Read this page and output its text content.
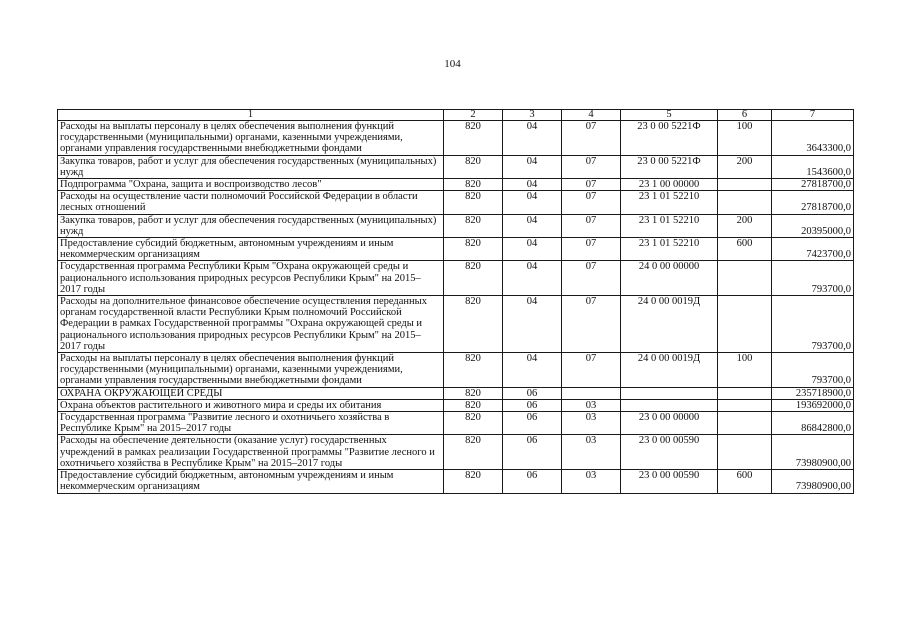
104
1	2	3	4	5	6	7
Расходы на выплаты персоналу в целях обеспечения выполнения функций государственными (муниципальными) органами, казенными учреждениями, органами управления государственными внебюджетными фондами	820	04	07	23 0 00 5221Ф	100	3643300,0
Закупка товаров, работ и услуг для обеспечения государственных (муниципальных) нужд	820	04	07	23 0 00 5221Ф	200	1543600,0
Подпрограмма "Охрана, защита и воспроизводство лесов"	820	04	07	23 1 00 00000		27818700,0
Расходы на осуществление части полномочий Российской Федерации в области лесных отношений	820	04	07	23 1 01 52210		27818700,0
Закупка товаров, работ и услуг для обеспечения государственных (муниципальных) нужд	820	04	07	23 1 01 52210	200	20395000,0
Предоставление субсидий бюджетным, автономным учреждениям и иным некоммерческим организациям	820	04	07	23 1 01 52210	600	7423700,0
Государственная программа Республики Крым "Охрана окружающей среды и рационального использования природных ресурсов Республики Крым" на 2015–2017 годы	820	04	07	24 0 00 00000		793700,0
Расходы на дополнительное финансовое обеспечение осуществления переданных органам государственной власти Республики Крым полномочий Российской Федерации в рамках Государственной программы "Охрана окружающей среды и рационального использования природных ресурсов Республики Крым" на 2015–2017 годы	820	04	07	24 0 00 0019Д		793700,0
Расходы на выплаты персоналу в целях обеспечения выполнения функций государственными (муниципальными) органами, казенными учреждениями, органами управления государственными внебюджетными фондами	820	04	07	24 0 00 0019Д	100	793700,0
ОХРАНА ОКРУЖАЮЩЕЙ СРЕДЫ	820	06				235718900,0
Охрана объектов растительного и животного мира и среды их обитания	820	06	03			193692000,0
Государственная программа "Развитие лесного и охотничьего хозяйства в Республике Крым" на 2015–2017 годы	820	06	03	23 0 00 00000		86842800,0
Расходы на обеспечение деятельности (оказание услуг) государственных учреждений в рамках реализации Государственной программы "Развитие лесного и охотничьего хозяйства в Республике Крым" на 2015–2017 годы	820	06	03	23 0 00 00590		73980900,00
Предоставление субсидий бюджетным, автономным учреждениям и иным некоммерческим организациям	820	06	03	23 0 00 00590	600	73980900,00
